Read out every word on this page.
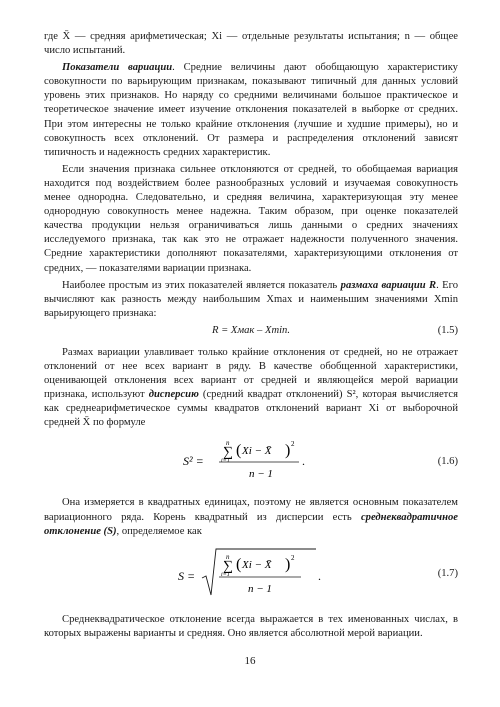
где X̄ — средняя арифметическая; Xi — отдельные результаты испытания; n — общее число испытаний.

Показатели вариации. Средние величины дают обобщающую характеристику совокупности по варьирующим признакам, показывают типичный для данных условий уровень этих признаков. Но наряду со средними величинами большое практическое и теоретическое значение имеет изучение отклонения показателей в выборке от средних. При этом интересны не только крайние отклонения (лучшие и худшие примеры), но и совокупность всех отклонений. От размера и распределения отклонений зависят типичность и надежность средних характеристик.

Если значения признака сильнее отклоняются от средней, то обобщаемая вариация находится под воздействием более разнообразных условий и изучаемая совокупность менее однородна. Следовательно, и средняя величина, характеризующая эту менее однородную совокупность менее надежна. Таким образом, при оценке показателей качества продукции нельзя ограничиваться лишь данными о средних значениях исследуемого признака, так как это не отражает надежности полученного значения. Средние характеристики дополняют показателями, характеризующими отклонения от средних, — показателями вариации признака.

Наиболее простым из этих показателей является показатель размаха вариации R. Его вычисляют как разность между наибольшим Xmax и наименьшим значениями Xmin варьирующего признака:

R = Xмак – Xmin.	(1.5)

Размах вариации улавливает только крайние отклонения от средней, но не отражает отклонений от нее всех вариант в ряду. В качестве обобщенной характеристики, оценивающей отклонения всех вариант от средней и являющейся мерой вариации признака, используют дисперсию (средний квадрат отклонений) S², которая вычисляется как среднеарифметическое суммы квадратов отклонений вариант Xi от выборочной средней X̄ по формуле

S² =
n
∑
i=1
( Xi − X̄ ) 2
n − 1
.	(1.6)

Она измеряется в квадратных единицах, поэтому не является основным показателем вариационного ряда. Корень квадратный из дисперсии есть среднеквадратичное отклонение (S), определяемое как

S =
n
∑
i=1
( Xi − X̄ ) 2
n − 1
.	(1.7)

Среднеквадратическое отклонение всегда выражается в тех именованных числах, в которых выражены варианты и средняя. Оно является абсолютной мерой вариации.

16
